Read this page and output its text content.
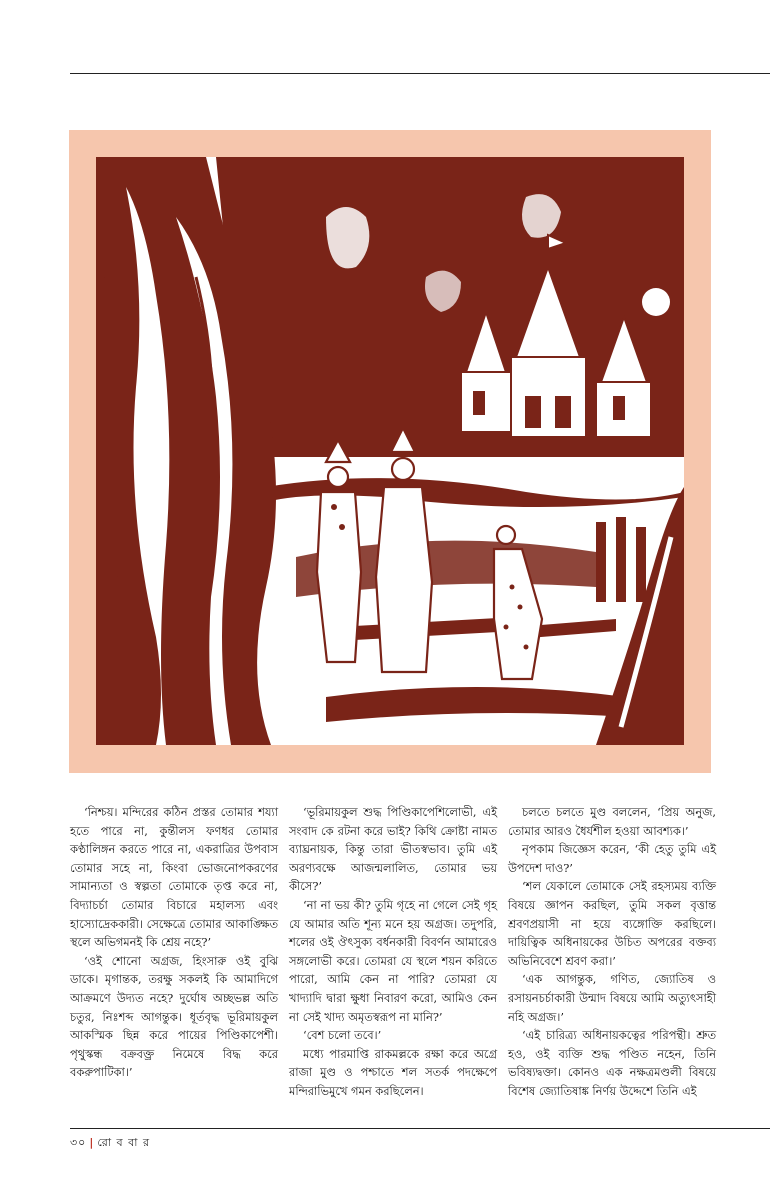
‘নিশ্চয়। মন্দিরের কঠিন প্রস্তর তোমার শয্যা হতে পারে না, কুন্তীলস ফণধর তোমার কণ্ঠালিঙ্গন করতে পারে না, একরাত্রির উপবাস তোমার সহে না, কিংবা ভোজনোপকরণের সামান্যতা ও স্বল্পতা তোমাকে তৃপ্ত করে না, বিদ্যাচর্চা তোমার বিচারে মহালস্য এবং হাস্যোদ্রেককারী। সেক্ষেত্রে তোমার আকাঙ্ক্ষিত স্থলে অভিগমনই কি শ্রেয় নহে?’

‘ওই শোনো অগ্রজ, হিংসারু ওই বুঝি ডাকে। মৃগান্তক, তরক্ষু সকলই কি আমাদিগে আক্রমণে উদ্যত নহে? দুর্ঘোষ অচ্ছভল্ল অতি চতুর, নিঃশব্দ আগন্তুক। ধূর্তবৃদ্ধ ভূরিমায়কুল আকস্মিক ছিন্ন করে পায়ের পিণ্ডিকাপেশী। পৃথুস্কন্ধ বক্রবক্ত্র নিমেষে বিদ্ধ করে বকরুপাটিকা।’

‘ভূরিমায়কুল শুদ্ধ পিণ্ডিকাপেশিলোভী, এই সংবাদ কে রটনা করে ভাই? কিথি ক্রোষ্টা নামত ব্যাঘ্রনায়ক, কিন্তু তারা ভীতস্বভাব। তুমি এই অরণ্যবক্ষে আজন্মলালিত, তোমার ভয় কীসে?’

‘না না ভয় কী? তুমি গৃহে না গেলে সেই গৃহ যে আমার অতি শূন্য মনে হয় অগ্রজ। তদুপরি, শলের ওই ঔৎসুক্য বর্ধনকারী বিবর্ণন আমারেও সঙ্গলোভী করে। তোমরা যে স্থলে শয়ন করিতে পারো, আমি কেন না পারি? তোমরা যে খাদ্যাদি দ্বারা ক্ষুধা নিবারণ করো, আমিও কেন না সেই খাদ্য অমৃতস্বরূপ না মানি?’

‘বেশ চলো তবে।’

মধ্যে পারমাপ্তি রাকমল্লকে রক্ষা করে অগ্রে রাজা মুণ্ড ও পশ্চাতে শল সতর্ক পদক্ষেপে মন্দিরাভিমুখে গমন করছিলেন।

চলতে চলতে মুণ্ড বললেন, ‘প্রিয় অনুজ, তোমার আরও ধৈর্যশীল হওয়া আবশ্যক।’

নৃপকাম জিজ্ঞেস করেন, ‘কী হেতু তুমি এই উপদেশ দাও?’

‘শল যেকালে তোমাকে সেই রহস্যময় ব্যক্তি বিষয়ে জ্ঞাপন করছিল, তুমি সকল বৃত্তান্ত শ্রবণপ্রয়াসী না হয়ে ব্যঙ্গোক্তি করছিলে। দায়িত্বিক অধিনায়কের উচিত অপরের বক্তব্য অভিনিবেশে শ্রবণ করা।’

‘এক আগন্তুক, গণিত, জ্যোতিষ ও রসায়নচর্চাকারী উন্মাদ বিষয়ে আমি অত্যুৎসাহী নহি অগ্রজ।’

‘এই চারিত্র্য অধিনায়কত্বের পরিপন্থী। শ্রুত হও, ওই ব্যক্তি শুদ্ধ পণ্ডিত নহেন, তিনি ভবিষ্যদ্বক্তা। কোনও এক নক্ষত্রমণ্ডলী বিষয়ে বিশেষ জ্যোতিষাঙ্ক নির্ণয় উদ্দেশে তিনি এই

৩০ | রো ব বা র
